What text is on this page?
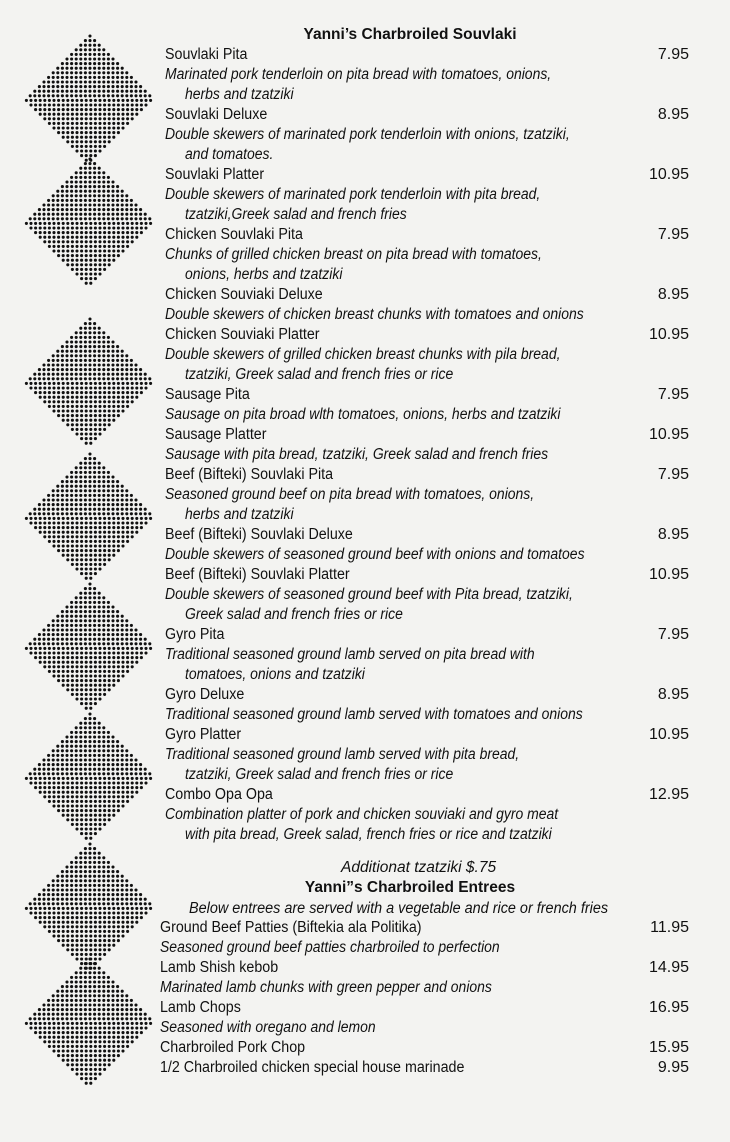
Yanni’s Charbroiled Souvlaki
Souvlaki Pita	7.95
Marinated pork tenderloin on pita bread with tomatoes, onions,
herbs and tzatziki
Souvlaki Deluxe	8.95
Double skewers of marinated pork tenderloin with onions, tzatziki,
and tomatoes.
Souvlaki Platter	10.95
Double skewers of marinated pork tenderloin with pita bread,
tzatziki,Greek salad and french fries
Chicken Souvlaki Pita	7.95
Chunks of grilled chicken breast on pita bread with tomatoes,
onions, herbs and tzatziki
Chicken Souviaki Deluxe	8.95
Double skewers of chicken breast chunks with tomatoes and onions
Chicken Souviaki Platter	10.95
Double skewers of grilled chicken breast chunks with pila bread,
tzatziki, Greek salad and french fries or rice
Sausage Pita	7.95
Sausage on pita broad wlth tomatoes, onions, herbs and tzatziki
Sausage Platter	10.95
Sausage with pita bread, tzatziki, Greek salad and french fries
Beef (Bifteki) Souvlaki Pita	7.95
Seasoned ground beef on pita bread with tomatoes, onions,
herbs and tzatziki
Beef (Bifteki) Souvlaki Deluxe	8.95
Double skewers of seasoned ground beef with onions and tomatoes
Beef (Bifteki) Souvlaki Platter	10.95
Double skewers of seasoned ground beef with Pita bread, tzatziki,
Greek salad and french fries or rice
Gyro Pita	7.95
Traditional seasoned ground lamb served on pita bread with
tomatoes, onions and tzatziki
Gyro Deluxe	8.95
Traditional seasoned ground lamb served with tomatoes and onions
Gyro Platter	10.95
Traditional seasoned ground lamb served with pita bread,
tzatziki, Greek salad and french fries or rice
Combo Opa Opa	12.95
Combination platter of pork and chicken souviaki and gyro meat
with pita bread, Greek salad, french fries or rice and tzatziki
Additionat tzatziki $.75
Yanni”s Charbroiled Entrees
Below entrees are served with a vegetable and rice or french fries
Ground Beef Patties (Biftekia ala Politika)	11.95
Seasoned ground beef patties charbroiled to perfection
Lamb Shish kebob	14.95
Marinated lamb chunks with green pepper and onions
Lamb Chops	16.95
Seasoned with oregano and lemon
Charbroiled Pork Chop	15.95
1/2 Charbroiled chicken special house marinade	9.95
